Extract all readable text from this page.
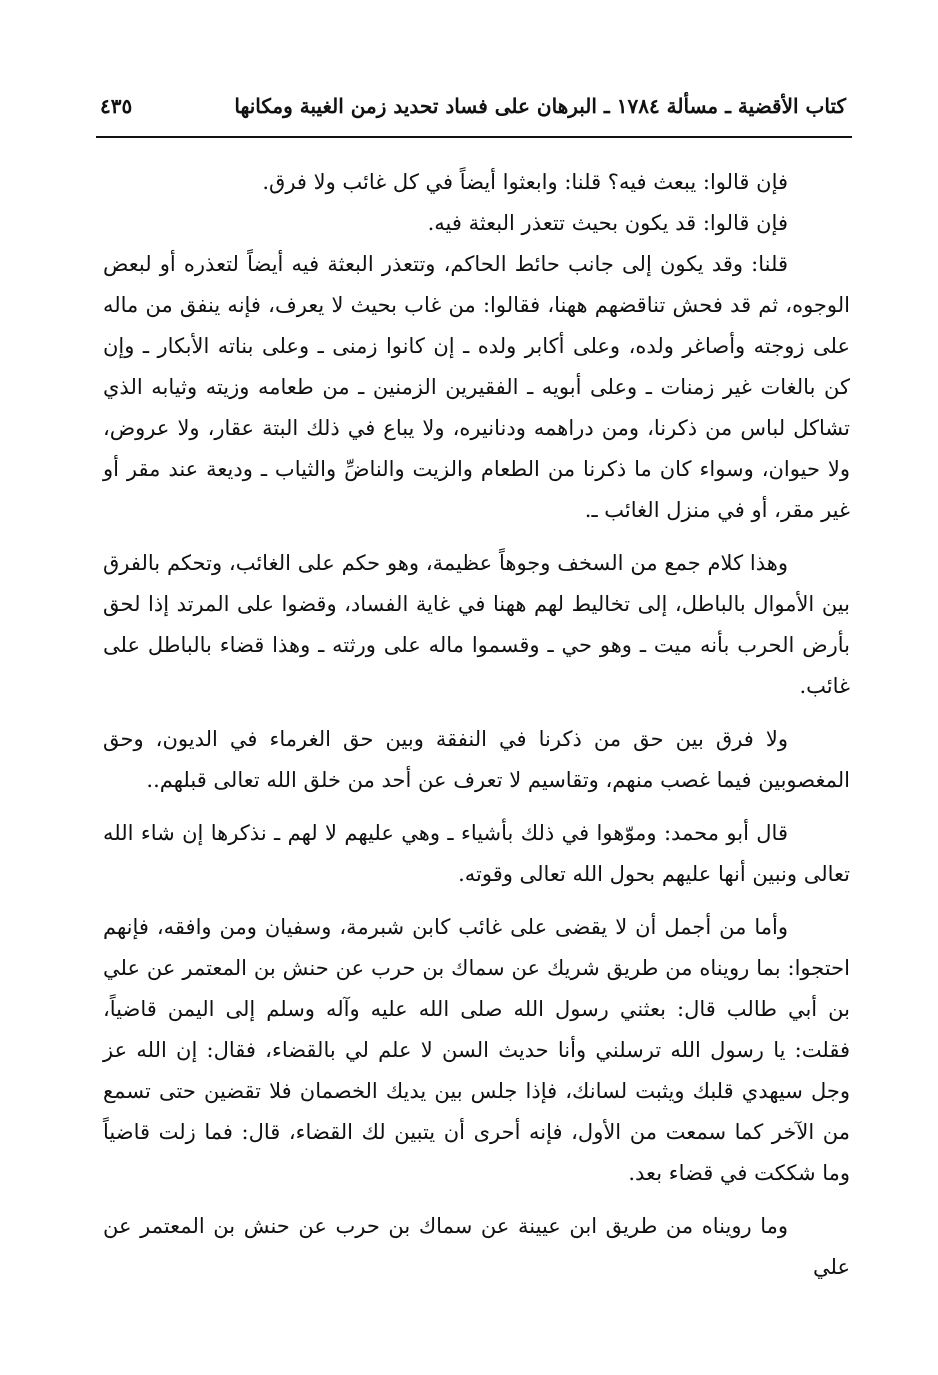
كتاب الأقضية ـ مسألة ١٧٨٤ ـ البرهان على فساد تحديد زمن الغيبة ومكانها
٤٣٥

فإن قالوا: يبعث فيه؟ قلنا: وابعثوا أيضاً في كل غائب ولا فرق.

فإن قالوا: قد يكون بحيث تتعذر البعثة فيه.

قلنا: وقد يكون إلى جانب حائط الحاكم، وتتعذر البعثة فيه أيضاً لتعذره أو لبعض الوجوه، ثم قد فحش تناقضهم ههنا، فقالوا: من غاب بحيث لا يعرف، فإنه ينفق من ماله على زوجته وأصاغر ولده، وعلى أكابر ولده ـ إن كانوا زمنى ـ وعلى بناته الأبكار ـ وإن كن بالغات غير زمنات ـ وعلى أبويه ـ الفقيرين الزمنين ـ من طعامه وزيته وثيابه الذي تشاكل لباس من ذكرنا، ومن دراهمه ودنانيره، ولا يباع في ذلك البتة عقار، ولا عروض، ولا حيوان، وسواء كان ما ذكرنا من الطعام والزيت والناضِّ والثياب ـ وديعة عند مقر أو غير مقر، أو في منزل الغائب ـ.

وهذا كلام جمع من السخف وجوهاً عظيمة، وهو حكم على الغائب، وتحكم بالفرق بين الأموال بالباطل، إلى تخاليط لهم ههنا في غاية الفساد، وقضوا على المرتد إذا لحق بأرض الحرب بأنه ميت ـ وهو حي ـ وقسموا ماله على ورثته ـ وهذا قضاء بالباطل على غائب.

ولا فرق بين حق من ذكرنا في النفقة وبين حق الغرماء في الديون، وحق المغصوبين فيما غصب منهم، وتقاسيم لا تعرف عن أحد من خلق الله تعالى قبلهم..

قال أبو محمد: وموّهوا في ذلك بأشياء ـ وهي عليهم لا لهم ـ نذكرها إن شاء الله تعالى ونبين أنها عليهم بحول الله تعالى وقوته.

وأما من أجمل أن لا يقضى على غائب كابن شبرمة، وسفيان ومن وافقه، فإنهم احتجوا: بما رويناه من طريق شريك عن سماك بن حرب عن حنش بن المعتمر عن علي بن أبي طالب قال: بعثني رسول الله صلى الله عليه وآله وسلم إلى اليمن قاضياً، فقلت: يا رسول الله ترسلني وأنا حديث السن لا علم لي بالقضاء، فقال: إن الله عز وجل سيهدي قلبك ويثبت لسانك، فإذا جلس بين يديك الخصمان فلا تقضين حتى تسمع من الآخر كما سمعت من الأول، فإنه أحرى أن يتبين لك القضاء، قال: فما زلت قاضياً وما شككت في قضاء بعد.

وما رويناه من طريق ابن عيينة عن سماك بن حرب عن حنش بن المعتمر عن علي
